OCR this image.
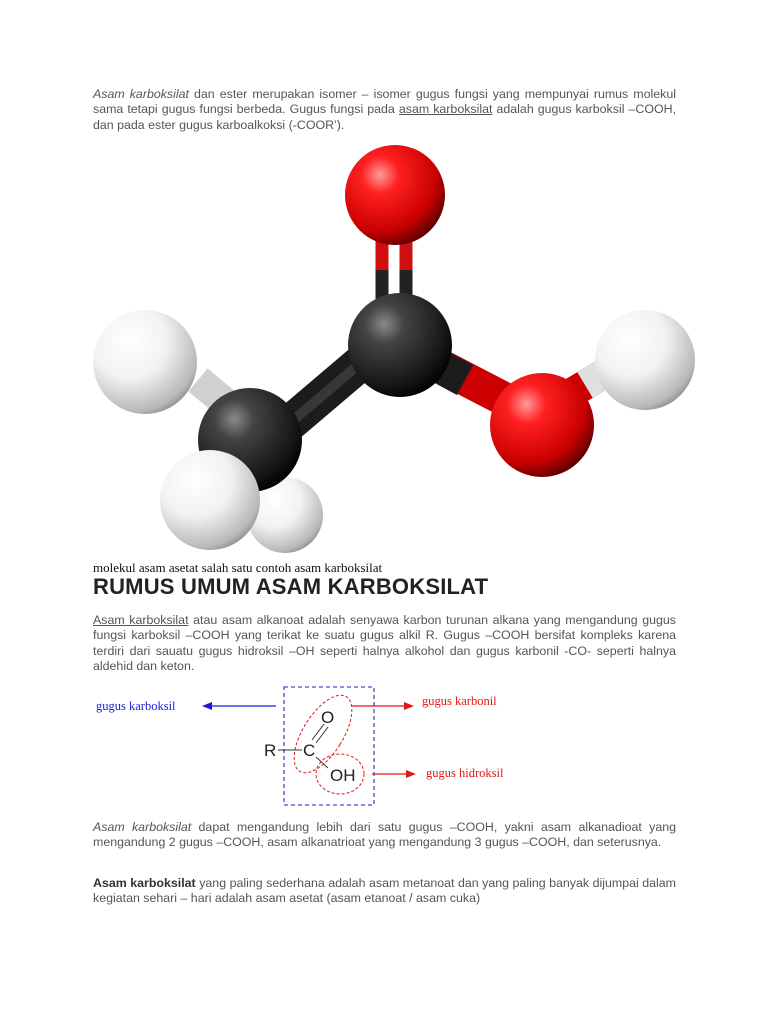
Asam karboksilat dan ester merupakan isomer – isomer gugus fungsi yang mempunyai rumus molekul sama tetapi gugus fungsi berbeda. Gugus fungsi pada asam karboksilat adalah gugus karboksil –COOH, dan pada ester gugus karboalkoksi (-COOR’).

molekul asam asetat salah satu contoh asam karboksilat
RUMUS UMUM ASAM KARBOKSILAT

Asam karboksilat atau asam alkanoat adalah senyawa karbon turunan alkana yang mengandung gugus fungsi karboksil –COOH yang terikat ke suatu gugus alkil R. Gugus –COOH bersifat kompleks karena terdiri dari sauatu gugus hidroksil –OH seperti halnya alkohol dan gugus karbonil -CO- seperti halnya aldehid dan keton.

gugus karboksil	gugus karbonil
gugus hidroksil
R C
O
OH

Asam karboksilat dapat mengandung lebih dari satu gugus –COOH, yakni asam alkanadioat yang mengandung 2 gugus –COOH, asam alkanatrioat yang mengandung 3 gugus –COOH, dan seterusnya.

Asam karboksilat yang paling sederhana adalah asam metanoat dan yang paling banyak dijumpai dalam kegiatan sehari – hari adalah asam asetat (asam etanoat / asam cuka)
